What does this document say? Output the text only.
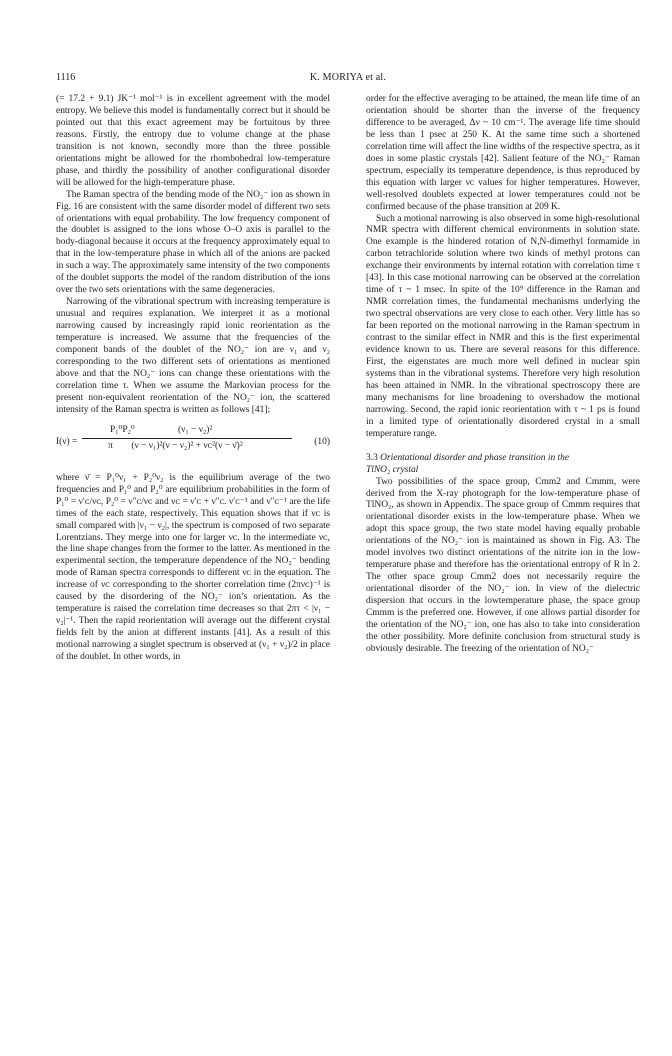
1116	K. MORIYA et al.

(= 17.2 + 9.1) JK⁻¹ mol⁻¹ is in excellent agreement with the model entropy. We believe this model is fundamentally correct but it should be pointed out that this exact agreement may be fortuitous by three reasons. Firstly, the entropy due to volume change at the phase transition is not known, secondly more than the three possible orientations might be allowed for the rhombohedral low-temperature phase, and thirdly the possibility of another configurational disorder will be allowed for the high-temperature phase.

The Raman spectra of the bending mode of the NO₂⁻ ion as shown in Fig. 16 are consistent with the same disorder model of different two sets of orientations with equal probability. The low frequency component of the doublet is assigned to the ions whose O–O axis is parallel to the body-diagonal because it occurs at the frequency approximately equal to that in the low-temperature phase in which all of the anions are packed in such a way. The approximately same intensity of the two components of the doublet supports the model of the random distribution of the ions over the two sets orientations with the same degeneracies.

Narrowing of the vibrational spectrum with increasing temperature is unusual and requires explanation. We interpret it as a motional narrowing caused by increasingly rapid ionic reorientation as the temperature is increased. We assume that the frequencies of the component bands of the doublet of the NO₂⁻ ion are ν₁ and ν₂ corresponding to the two different sets of orientations as mentioned above and that the NO₂⁻ ions can change these orientations with the correlation time τ. When we assume the Markovian process for the present non-equivalent reorientation of the NO₂⁻ ion, the scattered intensity of the Raman spectra is written as follows [41];

I(ν) =
P₁⁰P₂⁰	(ν₁ − ν₂)²
π	(ν − ν₁)²(ν − ν₂)² + νᴄ²(ν − ν̄)²	(10)

where ν̄ = P₁⁰ν₁ + P₂⁰ν₂ is the equilibrium average of the two frequencies and P₁⁰ and P₂⁰ are equilibrium probabilities in the form of P₁⁰ = ν′ᴄ/νᴄ, P₂⁰ = ν″ᴄ/νᴄ and νᴄ = ν′ᴄ + ν″ᴄ. ν′ᴄ⁻¹ and ν″ᴄ⁻¹ are the life times of the each state, respectively. This equation shows that if νᴄ is small compared with |ν₁ − ν₂|, the spectrum is composed of two separate Lorentzians. They merge into one for larger νᴄ. In the intermediate νᴄ, the line shape changes from the former to the latter. As mentioned in the experimental section, the temperature dependence of the NO₂⁻ bending mode of Raman spectra corresponds to different νᴄ in the equation. The increase of νᴄ corresponding to the shorter correlation time (2πνᴄ)⁻¹ is caused by the disordering of the NO₂⁻ ion’s orientation. As the temperature is raised the correlation time decreases so that 2πτ < |ν₁ − ν₂|⁻¹. Then the rapid reorientation will average out the different crystal fields felt by the anion at different instants [41]. As a result of this motional narrowing a singlet spectrum is observed at (ν₁ + ν₂)/2 in place of the doublet. In other words, in

order for the effective averaging to be attained, the mean life time of an orientation should be shorter than the inverse of the frequency difference to be averaged, Δν ~ 10 cm⁻¹. The average life time should be less than 1 psec at 250 K. At the same time such a shortened correlation time will affect the line widths of the respective spectra, as it does in some plastic crystals [42]. Salient feature of the NO₂⁻ Raman spectrum, especially its temperature dependence, is thus reproduced by this equation with larger νᴄ values for higher temperatures. However, well-resolved doublets expected at lower temperatures could not be confirmed because of the phase transition at 209 K.

Such a motional narrowing is also observed in some high-resolutional NMR spectra with different chemical environments in solution state. One example is the hindered rotation of N,N-dimethyl formamide in carbon tetrachloride solution where two kinds of methyl protons can exchange their environments by internal rotation with correlation time τ [43]. In this case motional narrowing can be observed at the correlation time of τ ~ 1 msec. In spite of the 10⁹ difference in the Raman and NMR correlation times, the fundamental mechanisms underlying the two spectral observations are very close to each other. Very little has so far been reported on the motional narrowing in the Raman spectrum in contrast to the similar effect in NMR and this is the first experimental evidence known to us. There are several reasons for this difference. First, the eigenstates are much more well defined in nuclear spin systems than in the vibrational systems. Therefore very high resolution has been attained in NMR. In the vibrational spectroscopy there are many mechanisms for line broadening to overshadow the motional narrowing. Second, the rapid ionic reorientation with τ ~ 1 ps is found in a limited type of orientationally disordered crystal in a small temperature range.

3.3 Orientational disorder and phase transition in the
TlNO₂ crystal

Two possibilities of the space group, Cmm2 and Cmmm, were derived from the X-ray photograph for the low-temperature phase of TlNO₂, as shown in Appendix. The space group of Cmmm requires that orientational disorder exists in the low-temperature phase. When we adopt this space group, the two state model having equally probable orientations of the NO₂⁻ ion is maintained as shown in Fig. A3. The model involves two distinct orientations of the nitrite ion in the low-temperature phase and therefore has the orientational entropy of R ln 2. The other space group Cmm2 does not necessarily require the orientational disorder of the NO₂⁻ ion. In view of the dielectric dispersion that occurs in the lowtemperature phase, the space group Cmmm is the preferred one. However, if one allows partial disorder for the orientation of the NO₂⁻ ion, one has also to take into consideration the other possibility. More definite conclusion from structural study is obviously desirable. The freezing of the orientation of NO₂⁻
